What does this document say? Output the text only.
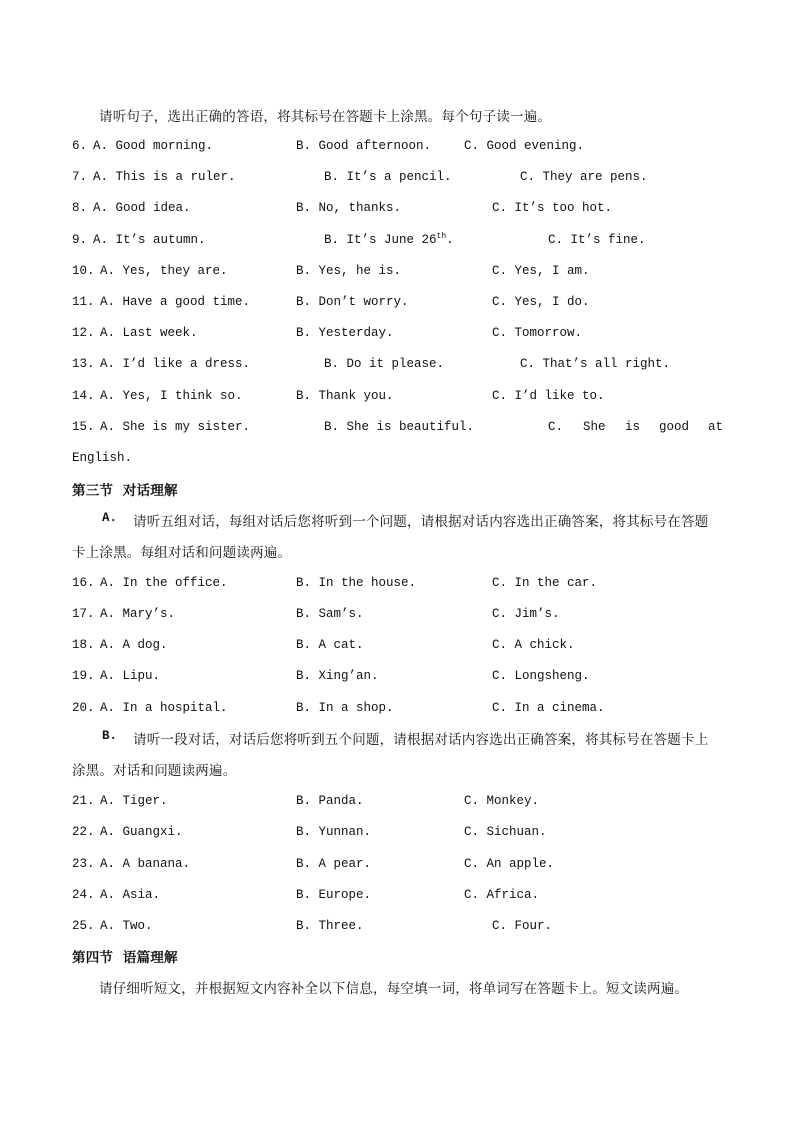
请听句子，选出正确的答语，将其标号在答题卡上涂黑。每个句子读一遍。
6. A. Good morning.	B. Good afternoon.	C. Good evening.
7. A. This is a ruler.	B. It’s a pencil.	C. They are pens.
8. A. Good idea.	B. No, thanks.	C. It’s too hot.
9. A. It’s autumn.	B. It’s June 26th.	C. It’s fine.
10. A. Yes, they are.	B. Yes, he is.	C. Yes, I am.
11. A. Have a good time.	B. Don’t worry.	C. Yes, I do.
12. A. Last week.	B. Yesterday.	C. Tomorrow.
13. A. I’d like a dress.	B. Do it please.	C. That’s all right.
14. A. Yes, I think so.	B. Thank you.	C. I’d like to.
15. A. She is my sister.	B. She is beautiful.	C. She is good at
English.
第三节  对话理解
A. 请听五组对话，每组对话后您将听到一个问题，请根据对话内容选出正确答案，将其标号在答题
卡上涂黑。每组对话和问题读两遍。
16. A. In the office.	B. In the house.	C. In the car.
17. A. Mary’s.	B. Sam’s.	C. Jim’s.
18. A. A dog.	B. A cat.	C. A chick.
19. A. Lipu.	B. Xing’an.	C. Longsheng.
20. A. In a hospital.	B. In a shop.	C. In a cinema.
B. 请听一段对话，对话后您将听到五个问题，请根据对话内容选出正确答案，将其标号在答题卡上
涂黑。对话和问题读两遍。
21. A. Tiger.	B. Panda.	C. Monkey.
22. A. Guangxi.	B. Yunnan.	C. Sichuan.
23. A. A banana.	B. A pear.	C. An apple.
24. A. Asia.	B. Europe.	C. Africa.
25. A. Two.	B. Three.	C. Four.
第四节  语篇理解
请仔细听短文，并根据短文内容补全以下信息，每空填一词，将单词写在答题卡上。短文读两遍。
